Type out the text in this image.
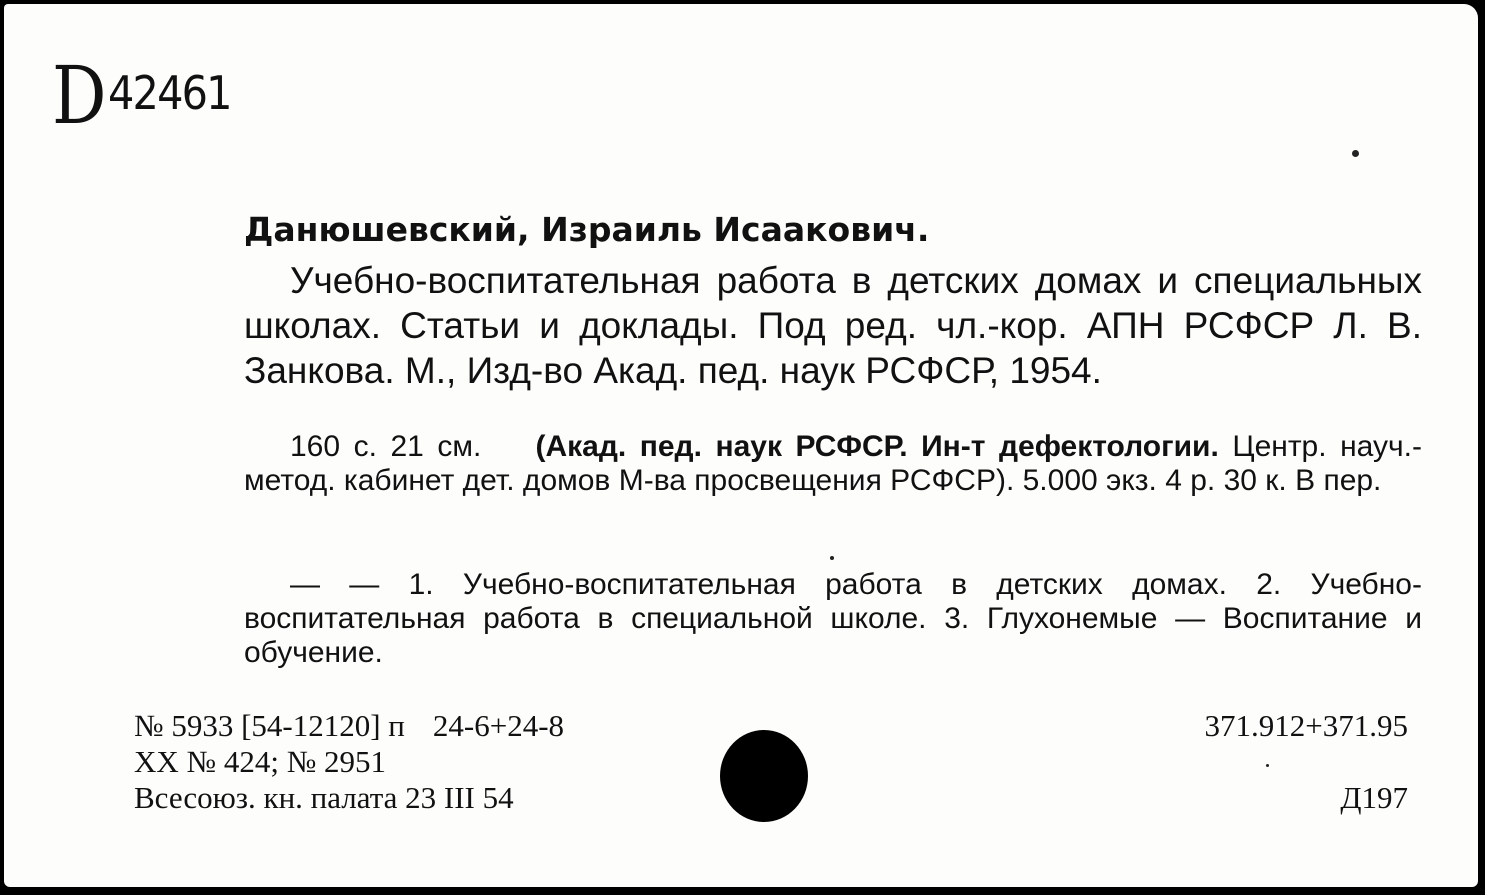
D42461
Данюшевский, Израиль Исаакович.
Учебно-воспитательная работа в детских домах и специальных школах. Статьи и доклады. Под ред. чл.-кор. АПН РСФСР Л. В. Занкова. М., Изд-во Акад. пед. наук РСФСР, 1954.
160 с. 21 см. (Акад. пед. наук РСФСР. Ин-т дефектологии. Центр. науч.-метод. кабинет дет. домов М-ва просвещения РСФСР). 5.000 экз. 4 р. 30 к. В пер.
— — 1. Учебно-воспитательная работа в детских домах. 2. Учебно-воспитательная работа в специальной школе. 3. Глухонемые — Воспитание и обучение.
№ 5933 [54-12120] п 24-6+24-8
XX № 424; № 2951
Всесоюз. кн. палата 23 III 54
371.912+371.95
Д197
